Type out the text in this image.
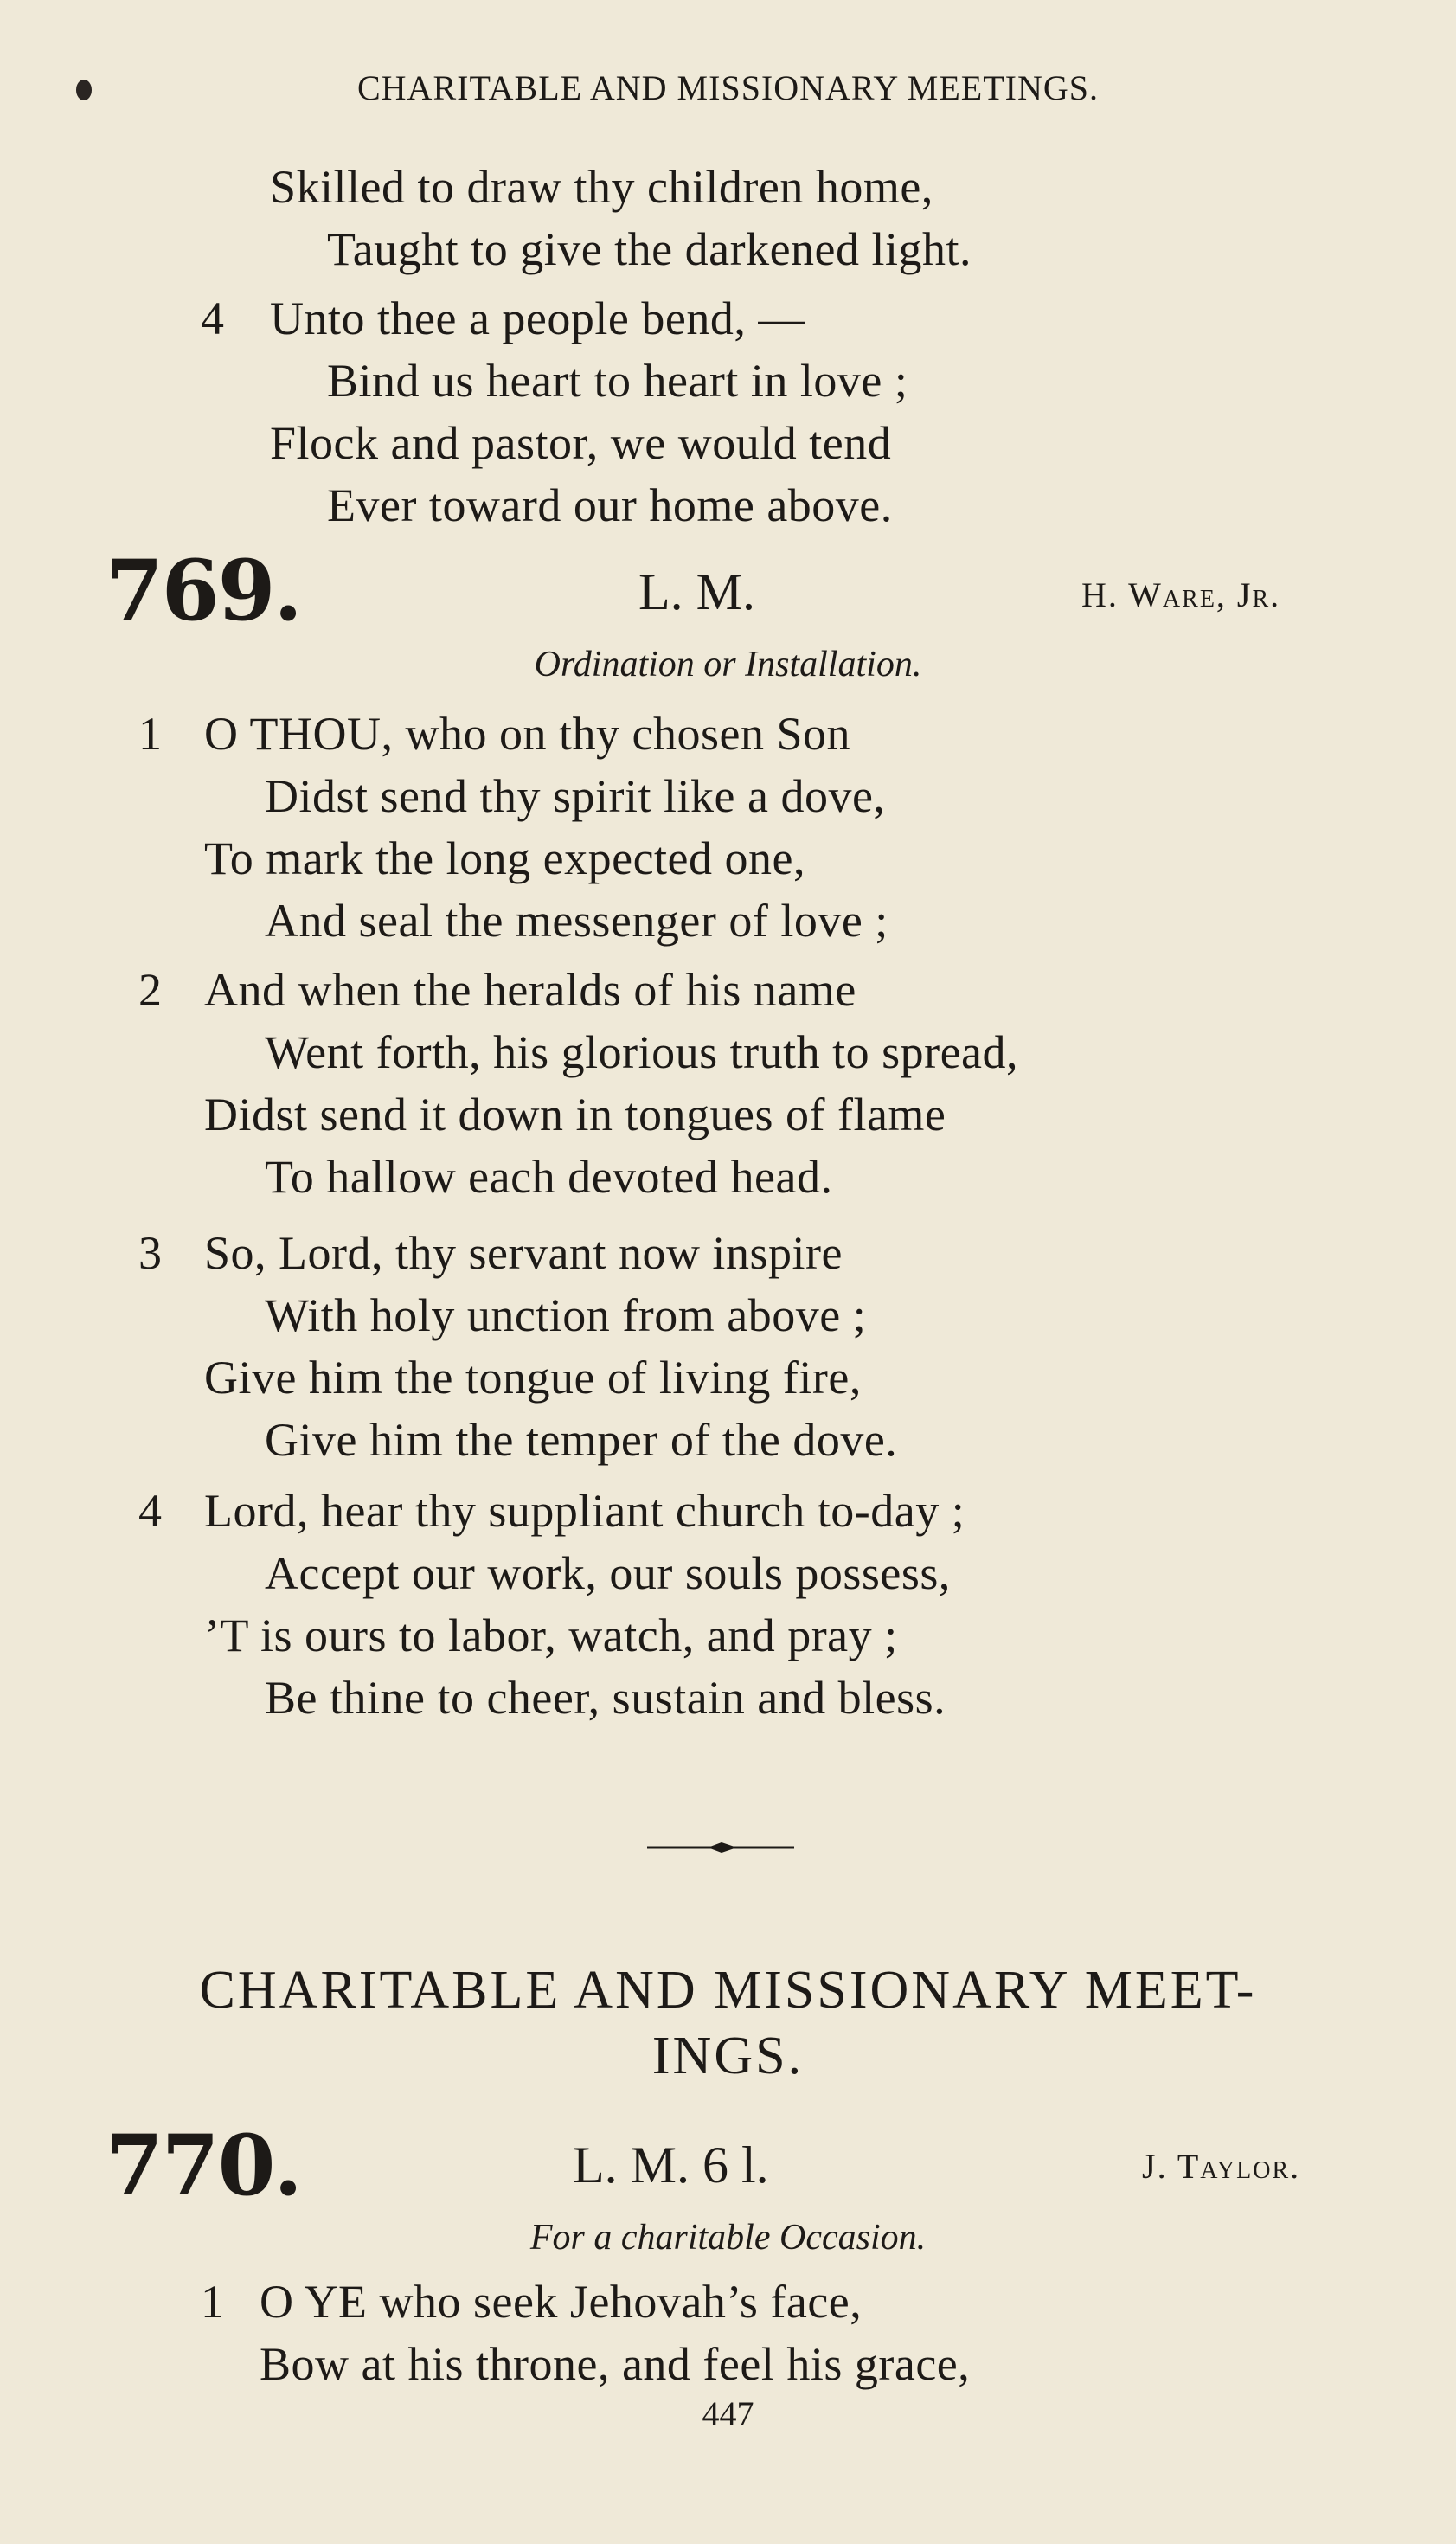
CHARITABLE AND MISSIONARY MEETINGS.
Skilled to draw thy children home,
Taught to give the darkened light.
4 Unto thee a people bend, —
Bind us heart to heart in love ;
Flock and pastor, we would tend
Ever toward our home above.
769.	L. M.	H. Ware, Jr.
Ordination or Installation.
1 O THOU, who on thy chosen Son
Didst send thy spirit like a dove,
To mark the long expected one,
And seal the messenger of love ;
2 And when the heralds of his name
Went forth, his glorious truth to spread,
Didst send it down in tongues of flame
To hallow each devoted head.
3 So, Lord, thy servant now inspire
With holy unction from above ;
Give him the tongue of living fire,
Give him the temper of the dove.
4 Lord, hear thy suppliant church to-day ;
Accept our work, our souls possess,
’T is ours to labor, watch, and pray ;
Be thine to cheer, sustain and bless.
CHARITABLE AND MISSIONARY MEET-
INGS.
770.	L. M. 6 l.	J. Taylor.
For a charitable Occasion.
1 O YE who seek Jehovah’s face,
Bow at his throne, and feel his grace,
447
